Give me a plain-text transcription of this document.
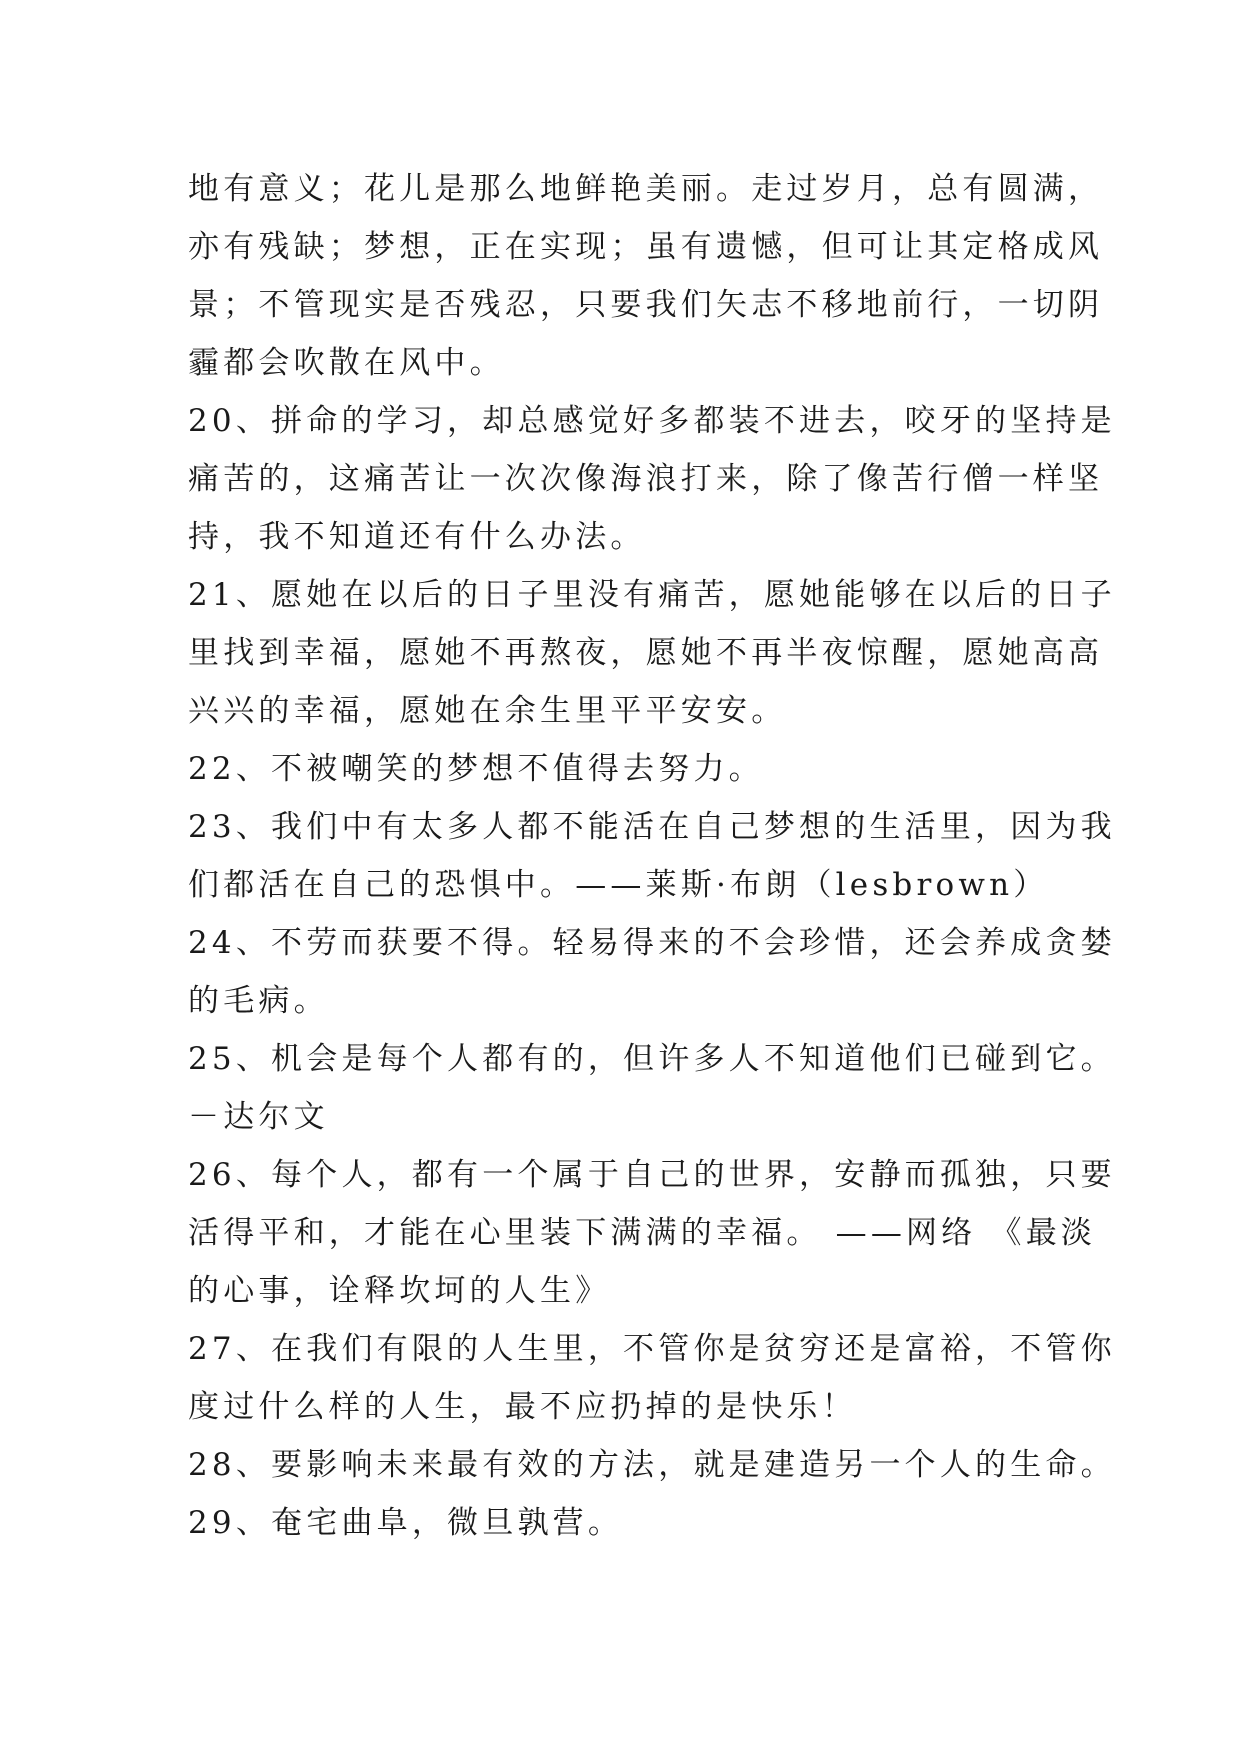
地有意义；花儿是那么地鲜艳美丽。走过岁月，总有圆满，
亦有残缺；梦想，正在实现；虽有遗憾，但可让其定格成风
景；不管现实是否残忍，只要我们矢志不移地前行，一切阴
霾都会吹散在风中。
20、拼命的学习，却总感觉好多都装不进去，咬牙的坚持是
痛苦的，这痛苦让一次次像海浪打来，除了像苦行僧一样坚
持，我不知道还有什么办法。
21、愿她在以后的日子里没有痛苦，愿她能够在以后的日子
里找到幸福，愿她不再熬夜，愿她不再半夜惊醒，愿她高高
兴兴的幸福，愿她在余生里平平安安。
22、不被嘲笑的梦想不值得去努力。
23、我们中有太多人都不能活在自己梦想的生活里，因为我
们都活在自己的恐惧中。——莱斯·布朗（lesbrown）
24、不劳而获要不得。轻易得来的不会珍惜，还会养成贪婪
的毛病。
25、机会是每个人都有的，但许多人不知道他们已碰到它。
－达尔文
26、每个人，都有一个属于自己的世界，安静而孤独，只要
活得平和，才能在心里装下满满的幸福。 ——网络 《最淡
的心事，诠释坎坷的人生》
27、在我们有限的人生里，不管你是贫穷还是富裕，不管你
度过什么样的人生，最不应扔掉的是快乐！
28、要影响未来最有效的方法，就是建造另一个人的生命。
29、奄宅曲阜，微旦孰营。
